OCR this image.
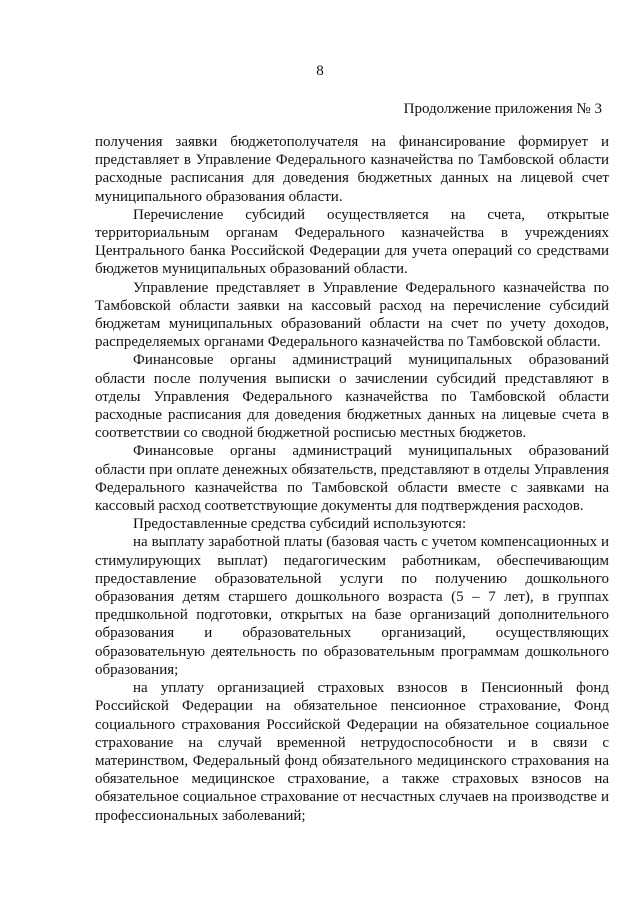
8
Продолжение приложения № 3

получения заявки бюджетополучателя на финансирование формирует и представляет в Управление Федерального казначейства по Тамбовской области расходные расписания для доведения бюджетных данных на лицевой счет муниципального образования области.

Перечисление субсидий осуществляется на счета, открытые территориальным органам Федерального казначейства в учреждениях Центрального банка Российской Федерации для учета операций со средствами бюджетов муниципальных образований области.

Управление представляет в Управление Федерального казначейства по Тамбовской области заявки на кассовый расход на перечисление субсидий бюджетам муниципальных образований области на счет по учету доходов, распределяемых органами Федерального казначейства по Тамбовской области.

Финансовые органы администраций муниципальных образований области после получения выписки о зачислении субсидий представляют в отделы Управления Федерального казначейства по Тамбовской области расходные расписания для доведения бюджетных данных на лицевые счета в соответствии со сводной бюджетной росписью местных бюджетов.

Финансовые органы администраций муниципальных образований области при оплате денежных обязательств, представляют в отделы Управления Федерального казначейства по Тамбовской области вместе с заявками на кассовый расход соответствующие документы для подтверждения расходов.

Предоставленные средства субсидий используются:

на выплату заработной платы (базовая часть с учетом компенсационных и стимулирующих выплат) педагогическим работникам, обеспечивающим предоставление образовательной услуги по получению дошкольного образования детям старшего дошкольного возраста (5 – 7 лет), в группах предшкольной подготовки, открытых на базе организаций дополнительного образования и образовательных организаций, осуществляющих образовательную деятельность по образовательным программам дошкольного образования;

на уплату организацией страховых взносов в Пенсионный фонд Российской Федерации на обязательное пенсионное страхование, Фонд социального страхования Российской Федерации на обязательное социальное страхование на случай временной нетрудоспособности и в связи с материнством, Федеральный фонд обязательного медицинского страхования на обязательное медицинское страхование, а также страховых взносов на обязательное социальное страхование от несчастных случаев на производстве и профессиональных заболеваний;
